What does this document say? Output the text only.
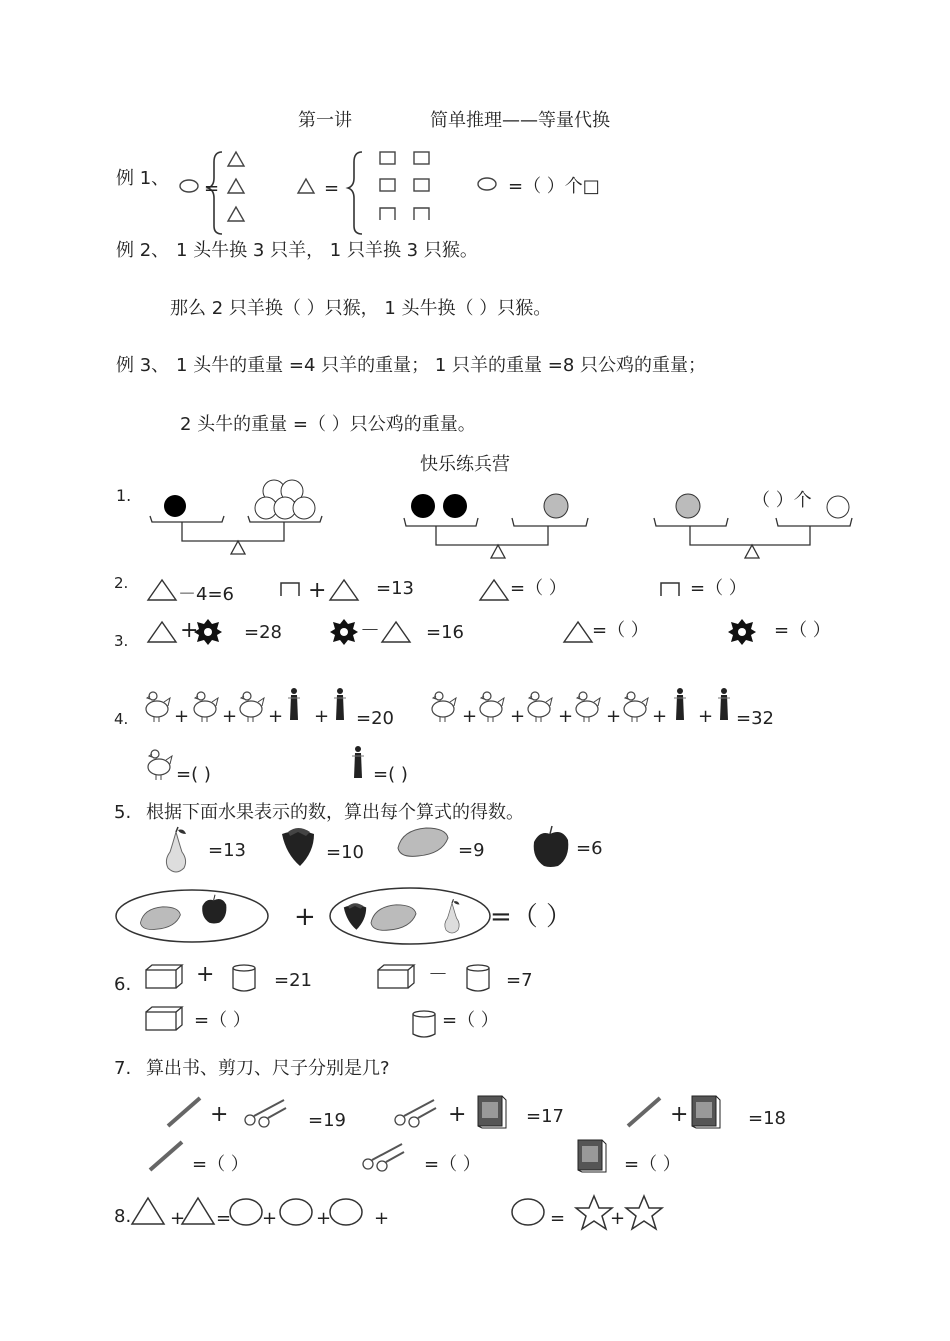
第一讲	简单推理——等量代换
例 1、 =	=	=（ ）个□
例 2、 1 头牛换 3 只羊， 1 只羊换 3 只猴。
那么 2 只羊换（ ）只猴， 1 头牛换（ ）只猴。
例 3、 1 头牛的重量 =4 只羊的重量； 1 只羊的重量 =8 只公鸡的重量；
2 头牛的重量 =（ ）只公鸡的重量。
快乐练兵营
1.	（ ）个
2.
－4=6	+	=13	=（ ）	=（ ）
3. +	=28	－	=16	=（ ）	=（ ）
4.	+ + + + =20	+ + + + + + =32
=( )	=( )
5. 根据下面水果表示的数，算出每个算式的得数。
=13	=10	=9	=6
+	=（ ）
6.	+	=21	－	=7
=（ ）	=（ ）
7. 算出书、剪刀、尺子分别是几?
+	=19	+	=17	+	=18
=（ ）	=（ ）	=（ ）
8. + = + + +	= +
